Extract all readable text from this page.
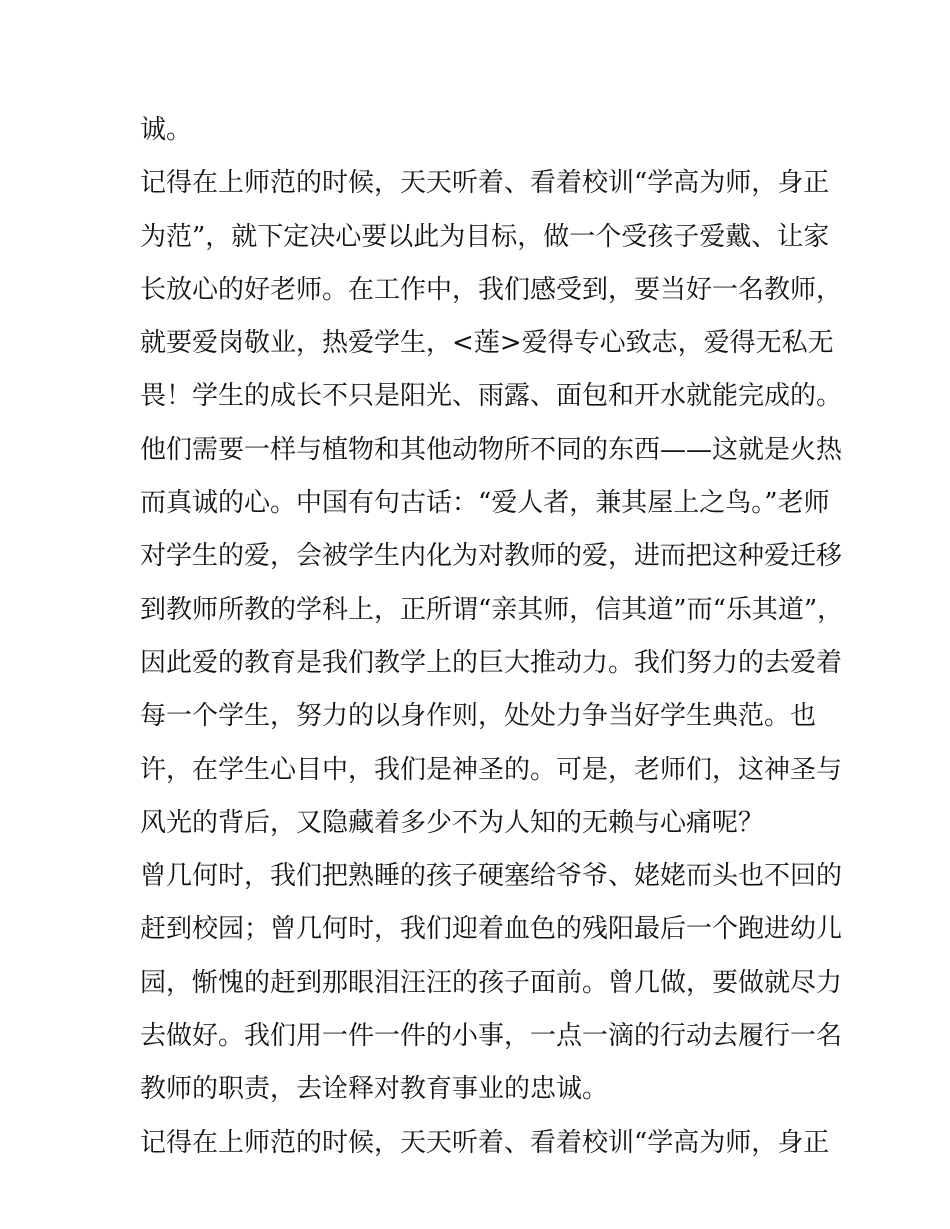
诚。
记得在上师范的时候，天天听着、看着校训“学高为师，身正
为范”，就下定决心要以此为目标，做一个受孩子爱戴、让家
长放心的好老师。在工作中，我们感受到，要当好一名教师，
就要爱岗敬业，热爱学生，<莲>爱得专心致志，爱得无私无
畏！学生的成长不只是阳光、雨露、面包和开水就能完成的。
他们需要一样与植物和其他动物所不同的东西——这就是火热
而真诚的心。中国有句古话：“爱人者，兼其屋上之鸟。”老师
对学生的爱，会被学生内化为对教师的爱，进而把这种爱迁移
到教师所教的学科上，正所谓“亲其师，信其道”而“乐其道”，
因此爱的教育是我们教学上的巨大推动力。我们努力的去爱着
每一个学生，努力的以身作则，处处力争当好学生典范。也
许，在学生心目中，我们是神圣的。可是，老师们，这神圣与
风光的背后，又隐藏着多少不为人知的无赖与心痛呢？
曾几何时，我们把熟睡的孩子硬塞给爷爷、姥姥而头也不回的
赶到校园；曾几何时，我们迎着血色的残阳最后一个跑进幼儿
园，惭愧的赶到那眼泪汪汪的孩子面前。曾几做，要做就尽力
去做好。我们用一件一件的小事，一点一滴的行动去履行一名
教师的职责，去诠释对教育事业的忠诚。
记得在上师范的时候，天天听着、看着校训“学高为师，身正
